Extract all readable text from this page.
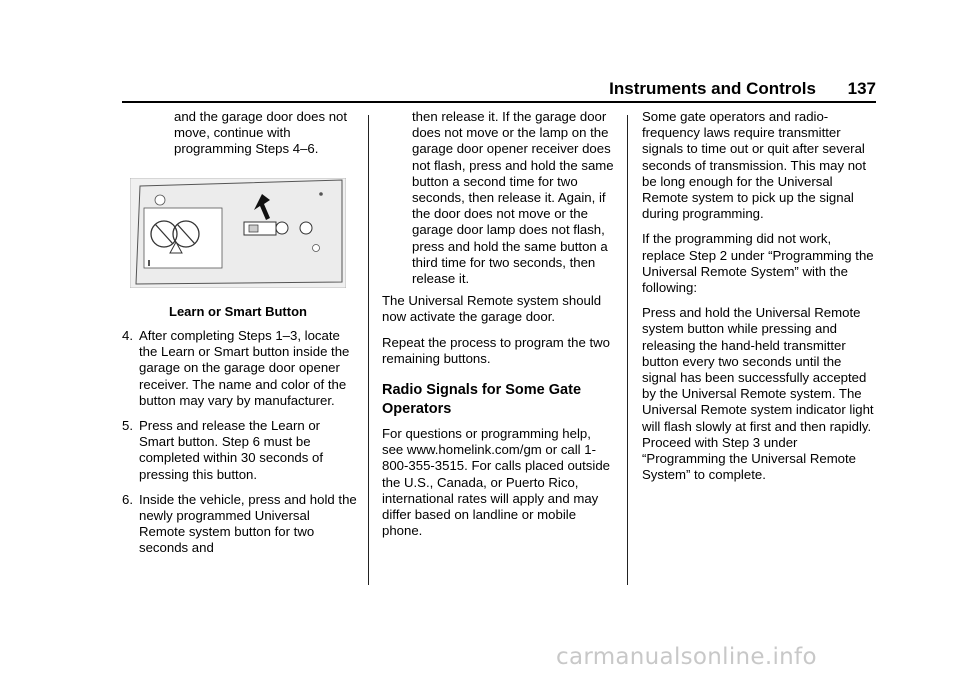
Instruments and Controls	137

and the garage door does not move, continue with programming Steps 4–6.

Learn or Smart Button
4. After completing Steps 1–3, locate the Learn or Smart button inside the garage on the garage door opener receiver. The name and color of the button may vary by manufacturer.
5. Press and release the Learn or Smart button. Step 6 must be completed within 30 seconds of pressing this button.
6. Inside the vehicle, press and hold the newly programmed Universal Remote system button for two seconds and

then release it. If the garage door does not move or the lamp on the garage door opener receiver does not flash, press and hold the same button a second time for two seconds, then release it. Again, if the door does not move or the garage door lamp does not flash, press and hold the same button a third time for two seconds, then release it.

The Universal Remote system should now activate the garage door.

Repeat the process to program the two remaining buttons.

Radio Signals for Some Gate Operators

For questions or programming help, see www.homelink.com/gm or call 1-800-355-3515. For calls placed outside the U.S., Canada, or Puerto Rico, international rates will apply and may differ based on landline or mobile phone.

Some gate operators and radio-frequency laws require transmitter signals to time out or quit after several seconds of transmission. This may not be long enough for the Universal Remote system to pick up the signal during programming.

If the programming did not work, replace Step 2 under “Programming the Universal Remote System” with the following:

Press and hold the Universal Remote system button while pressing and releasing the hand-held transmitter button every two seconds until the signal has been successfully accepted by the Universal Remote system. The Universal Remote system indicator light will flash slowly at first and then rapidly. Proceed with Step 3 under “Programming the Universal Remote System” to complete.

carmanualsonline.info
